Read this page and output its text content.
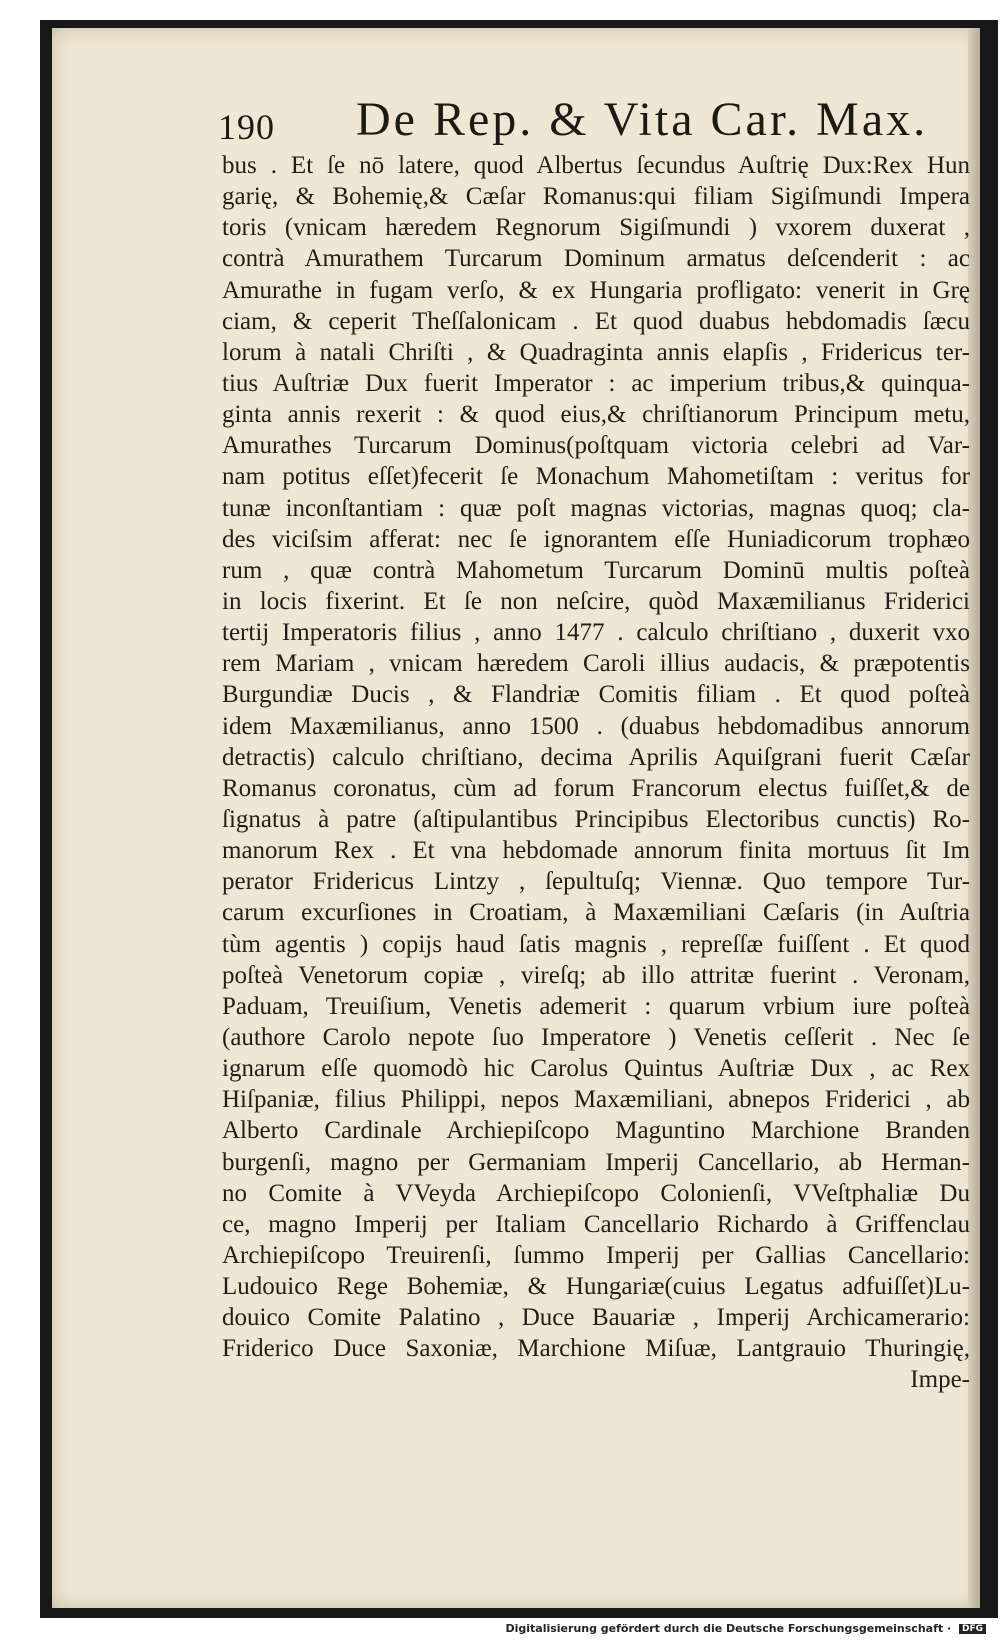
190 De Rep. & Vita Car. Max.
bus . Et ſe nō latere, quod Albertus ſecundus Auſtrię Dux:Rex Hun
garię, & Bohemię,& Cæſar Romanus:qui filiam Sigiſmundi Impera
toris (vnicam hæredem Regnorum Sigiſmundi ) vxorem duxerat ,
contrà Amurathem Turcarum Dominum armatus deſcenderit : ac
Amurathe in fugam verſo, & ex Hungaria profligato: venerit in Grę
ciam, & ceperit Theſſalonicam . Et quod duabus hebdomadis ſæcu
lorum à natali Chriſti , & Quadraginta annis elapſis , Fridericus ter-
tius Auſtriæ Dux fuerit Imperator : ac imperium tribus,& quinqua-
ginta annis rexerit : & quod eius,& chriſtianorum Principum metu,
Amurathes Turcarum Dominus(poſtquam victoria celebri ad Var-
nam potitus eſſet)fecerit ſe Monachum Mahometiſtam : veritus for
tunæ inconſtantiam : quæ poſt magnas victorias, magnas quoq; cla-
des viciſsim afferat: nec ſe ignorantem eſſe Huniadicorum trophæo
rum , quæ contrà Mahometum Turcarum Dominū multis poſteà
in locis fixerint. Et ſe non neſcire, quòd Maxæmilianus Friderici
tertij Imperatoris filius , anno 1477 . calculo chriſtiano , duxerit vxo
rem Mariam , vnicam hæredem Caroli illius audacis, & præpotentis
Burgundiæ Ducis , & Flandriæ Comitis filiam . Et quod poſteà
idem Maxæmilianus, anno 1500 . (duabus hebdomadibus annorum
detractis) calculo chriſtiano, decima Aprilis Aquiſgrani fuerit Cæſar
Romanus coronatus, cùm ad forum Francorum electus fuiſſet,& de
ſignatus à patre (aſtipulantibus Principibus Electoribus cunctis) Ro-
manorum Rex . Et vna hebdomade annorum finita mortuus ſit Im
perator Fridericus Lintzy , ſepultuſq; Viennæ. Quo tempore Tur-
carum excurſiones in Croatiam, à Maxæmiliani Cæſaris (in Auſtria
tùm agentis ) copijs haud ſatis magnis , repreſſæ fuiſſent . Et quod
poſteà Venetorum copiæ , vireſq; ab illo attritæ fuerint . Veronam,
Paduam, Treuiſium, Venetis ademerit : quarum vrbium iure poſteà
(authore Carolo nepote ſuo Imperatore ) Venetis ceſſerit . Nec ſe
ignarum eſſe quomodò hic Carolus Quintus Auſtriæ Dux , ac Rex
Hiſpaniæ, filius Philippi, nepos Maxæmiliani, abnepos Friderici , ab
Alberto Cardinale Archiepiſcopo Maguntino Marchione Branden
burgenſi, magno per Germaniam Imperij Cancellario, ab Herman-
no Comite à VVeyda Archiepiſcopo Colonienſi, VVeſtphaliæ Du
ce, magno Imperij per Italiam Cancellario Richardo à Griffenclau
Archiepiſcopo Treuirenſi, ſummo Imperij per Gallias Cancellario:
Ludouico Rege Bohemiæ, & Hungariæ(cuius Legatus adfuiſſet)Lu-
douico Comite Palatino , Duce Bauariæ , Imperij Archicamerario:
Friderico Duce Saxoniæ, Marchione Miſuæ, Lantgrauio Thuringię,
Impe-
Digitalisierung gefördert durch die Deutsche Forschungsgemeinschaft · DFG
